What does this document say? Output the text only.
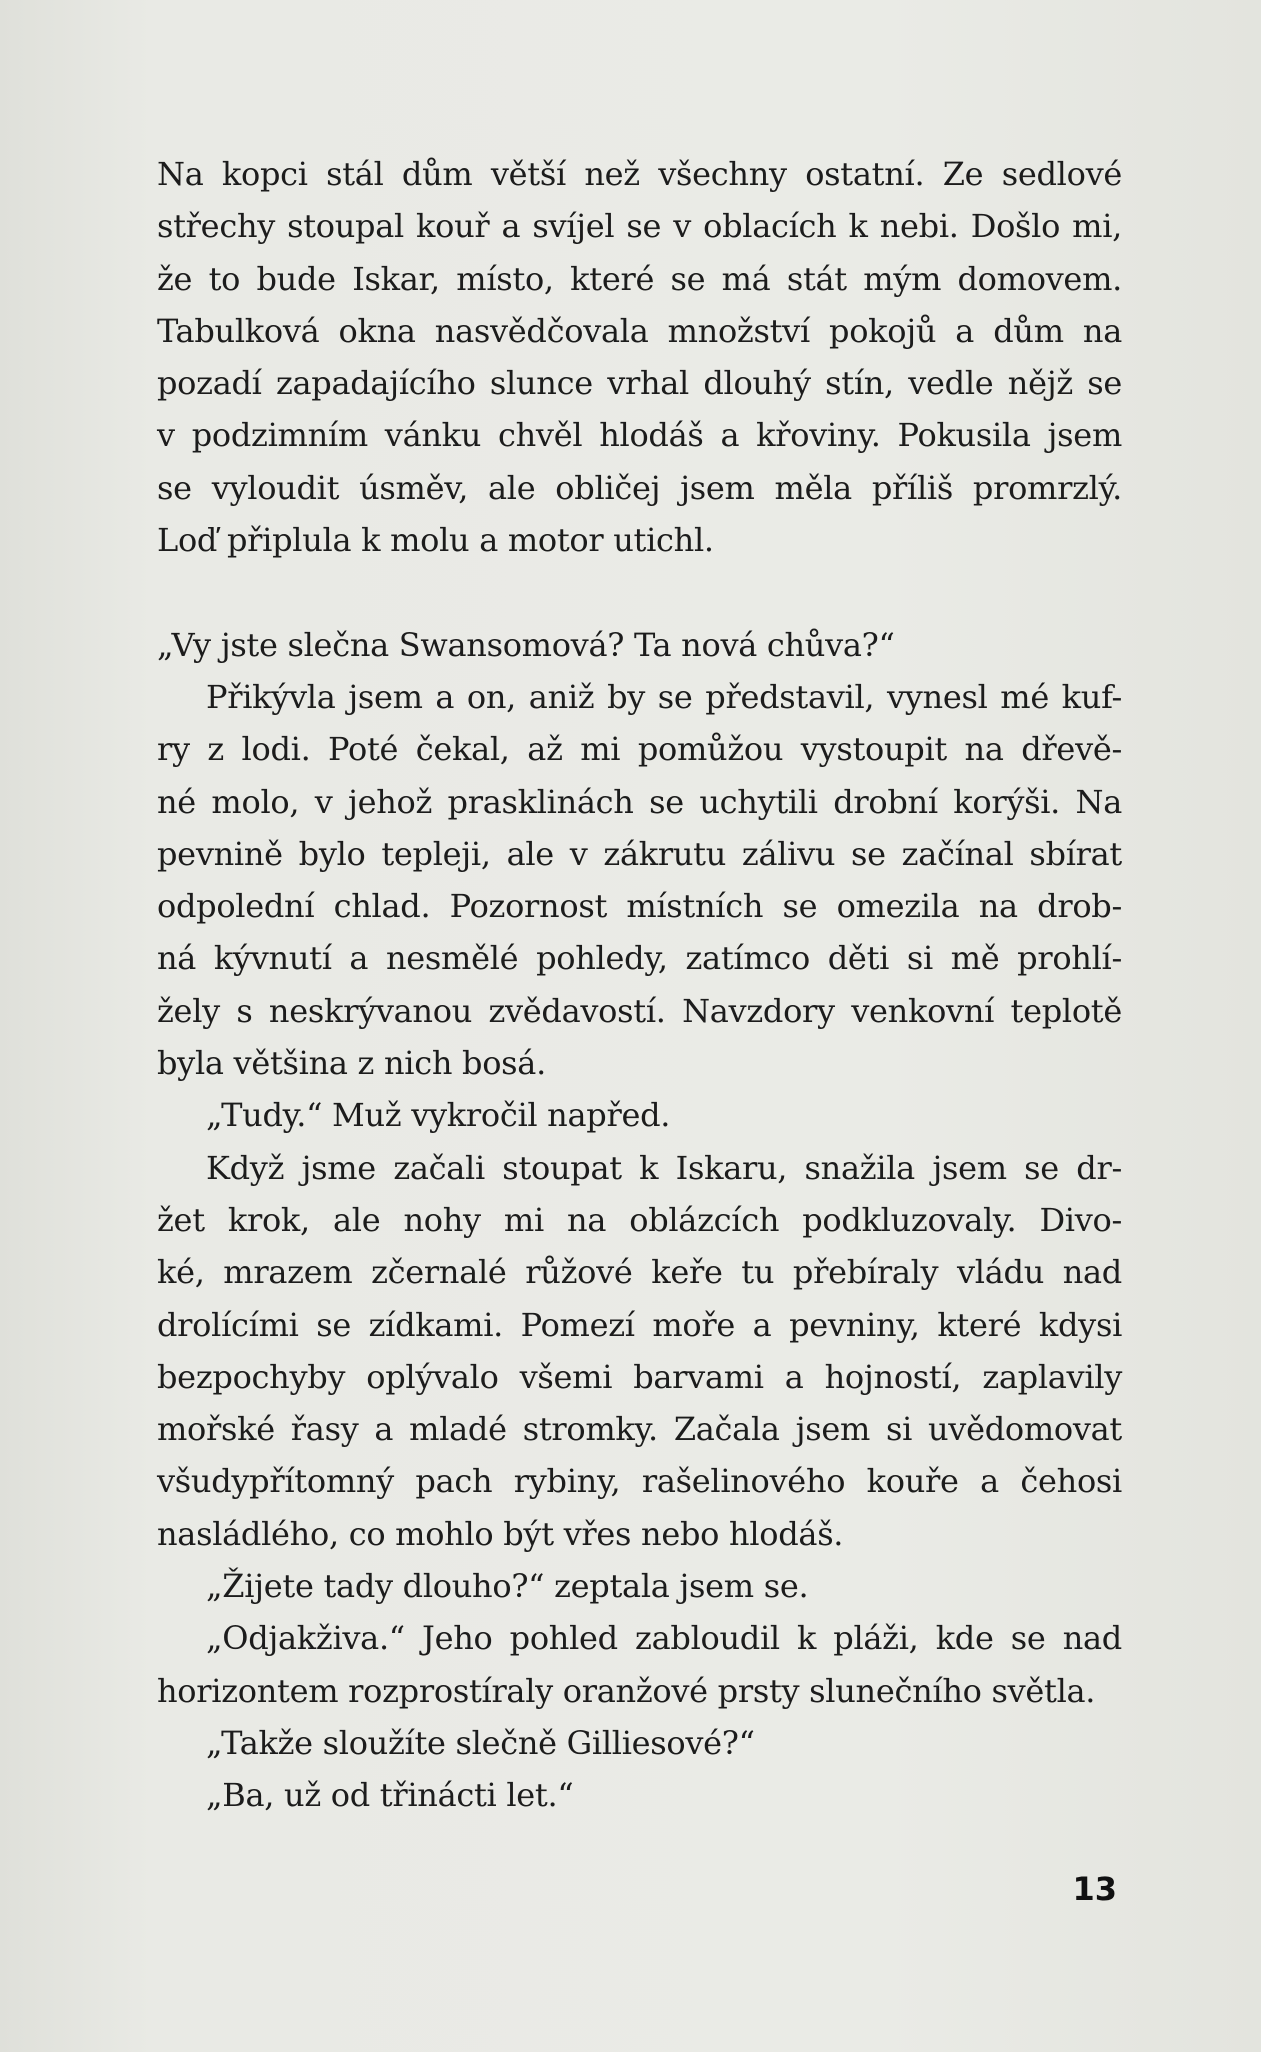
Na kopci stál dům větší než všechny ostatní. Ze sedlové
střechy stoupal kouř a svíjel se v oblacích k nebi. Došlo mi,
že to bude Iskar, místo, které se má stát mým domovem.
Tabulková okna nasvědčovala množství pokojů a dům na
pozadí zapadajícího slunce vrhal dlouhý stín, vedle nějž se
v podzimním vánku chvěl hlodáš a křoviny. Pokusila jsem
se vyloudit úsměv, ale obličej jsem měla příliš promrzlý.
Loď připlula k molu a motor utichl.
„Vy jste slečna Swansomová? Ta nová chůva?“
Přikývla jsem a on, aniž by se představil, vynesl mé kuf-
ry z lodi. Poté čekal, až mi pomůžou vystoupit na dřevě-
né molo, v jehož prasklinách se uchytili drobní korýši. Na
pevnině bylo tepleji, ale v zákrutu zálivu se začínal sbírat
odpolední chlad. Pozornost místních se omezila na drob-
ná kývnutí a nesmělé pohledy, zatímco děti si mě prohlí-
žely s neskrývanou zvědavostí. Navzdory venkovní teplotě
byla většina z nich bosá.
„Tudy.“ Muž vykročil napřed.
Když jsme začali stoupat k Iskaru, snažila jsem se dr-
žet krok, ale nohy mi na oblázcích podkluzovaly. Divo-
ké, mrazem zčernalé růžové keře tu přebíraly vládu nad
drolícími se zídkami. Pomezí moře a pevniny, které kdysi
bezpochyby oplývalo všemi barvami a hojností, zaplavily
mořské řasy a mladé stromky. Začala jsem si uvědomovat
všudypřítomný pach rybiny, rašelinového kouře a čehosi
nasládlého, co mohlo být vřes nebo hlodáš.
„Žijete tady dlouho?“ zeptala jsem se.
„Odjakživa.“ Jeho pohled zabloudil k pláži, kde se nad
horizontem rozprostíraly oranžové prsty slunečního světla.
„Takže sloužíte slečně Gilliesové?“
„Ba, už od třinácti let.“
13
